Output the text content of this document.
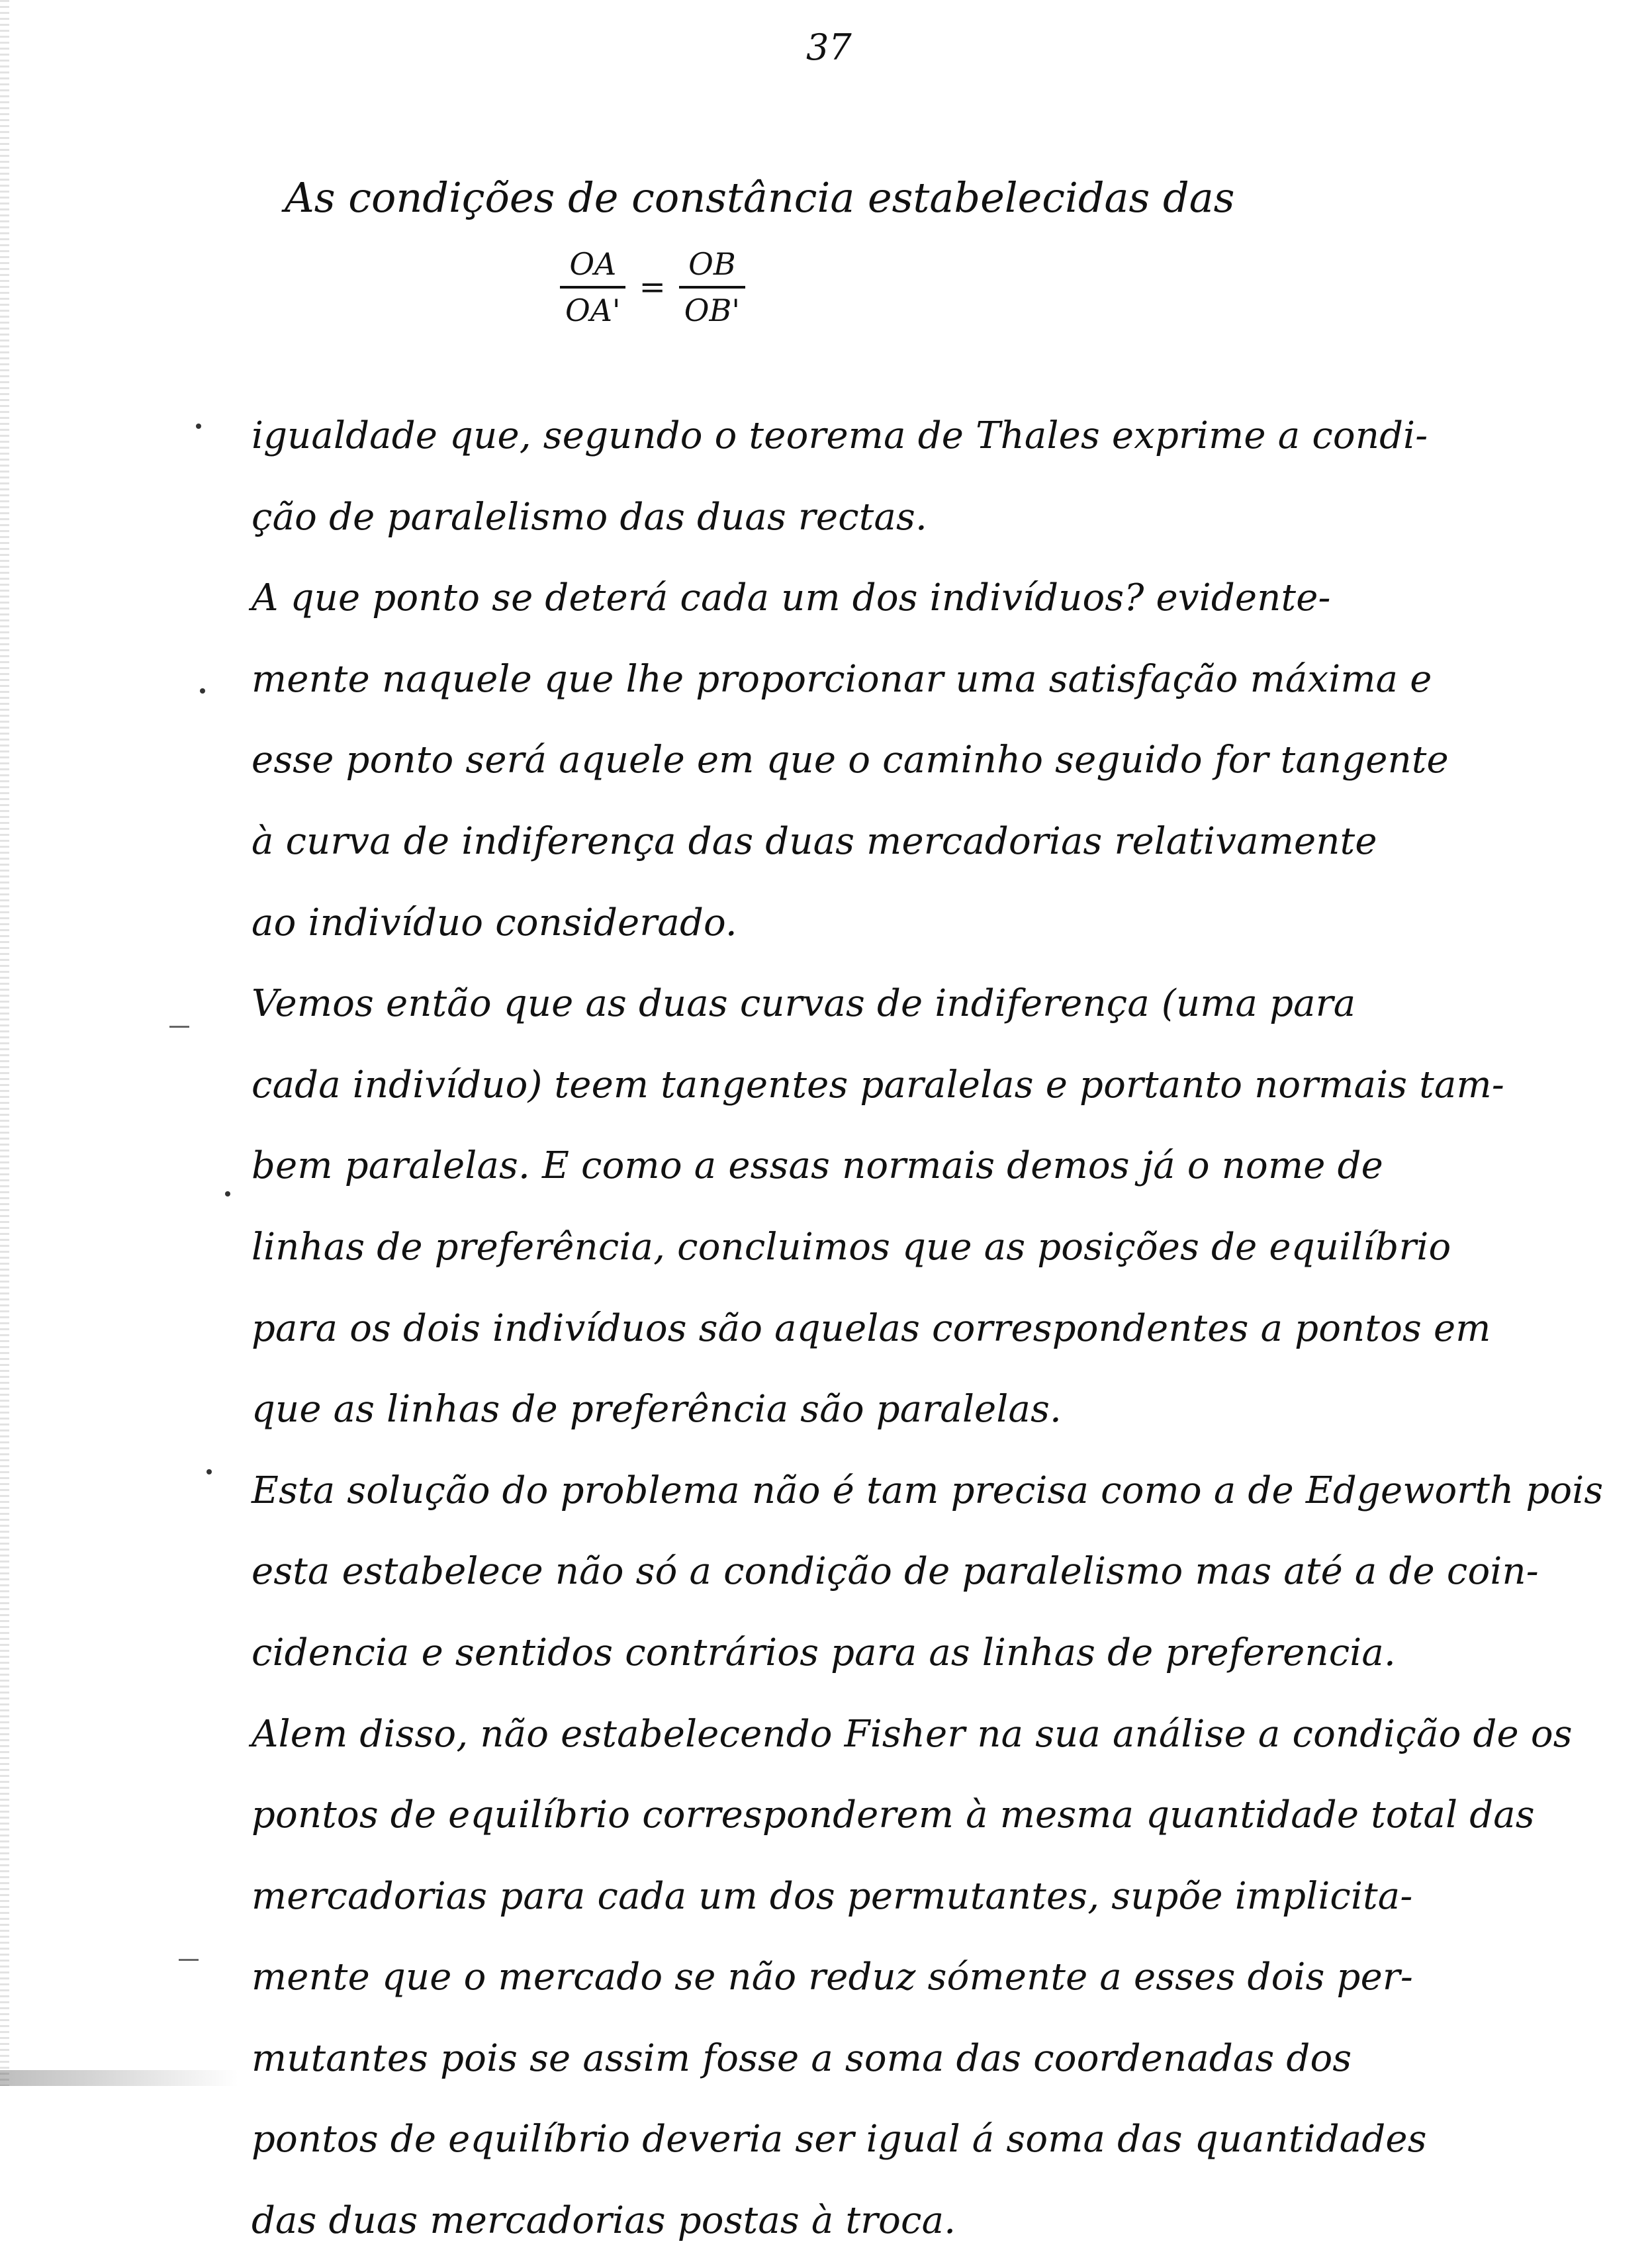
37
As condições de constância estabelecidas das
$\frac{OA}{OA'} = \frac{OB}{OB'}$
igualdade que, segundo o teorema de Thales exprime a condi-
ção de paralelismo das duas rectas.
A que ponto se deterá cada um dos indivíduos? evidente-
mente naquele que lhe proporcionar uma satisfação máxima e
esse ponto será aquele em que o caminho seguido for tangente
à curva de indiferença das duas mercadorias relativamente
ao indivíduo considerado.
Vemos então que as duas curvas de indiferença (uma para
cada indivíduo) teem tangentes paralelas e portanto normais tam-
bem paralelas. E como a essas normais demos já o nome de
linhas de preferência, concluimos que as posições de equilíbrio
para os dois indivíduos são aquelas correspondentes a pontos em
que as linhas de preferência são paralelas.
Esta solução do problema não é tam precisa como a de Edgeworth pois
esta estabelece não só a condição de paralelismo mas até a de coin-
cidencia e sentidos contrários para as linhas de preferencia.
Alem disso, não estabelecendo Fisher na sua análise a condição de os
pontos de equilíbrio corresponderem à mesma quantidade total das
mercadorias para cada um dos permutantes, supõe implicita-
mente que o mercado se não reduz sómente a esses dois per-
mutantes pois se assim fosse a soma das coordenadas dos
pontos de equilíbrio deveria ser igual á soma das quantidades
das duas mercadorias postas à troca.
